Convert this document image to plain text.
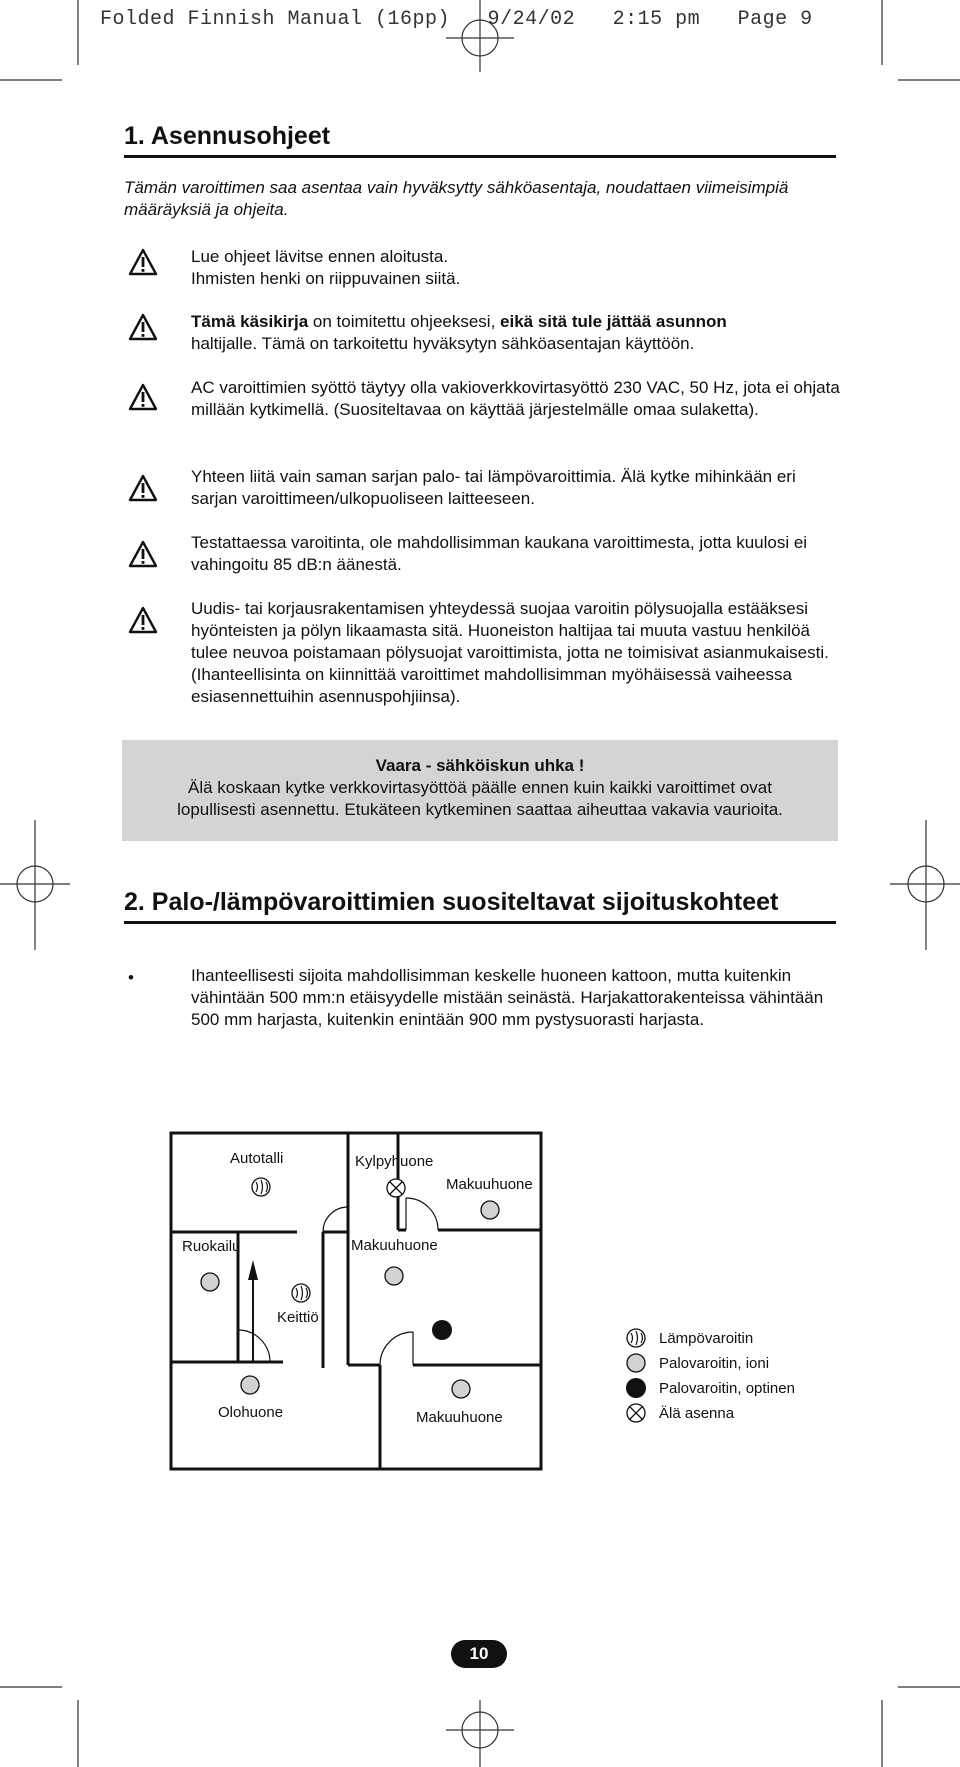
Folded Finnish Manual (16pp)   9/24/02   2:15 pm   Page 9
1. Asennusohjeet
Tämän varoittimen saa asentaa vain hyväksytty sähköasentaja, noudattaen viimeisimpiä määräyksiä ja ohjeita.
Lue ohjeet lävitse ennen aloitusta.
Ihmisten henki on riippuvainen siitä.
Tämä käsikirja on toimitettu ohjeeksesi, eikä sitä tule jättää asunnon
haltijalle. Tämä on tarkoitettu hyväksytyn sähköasentajan käyttöön.
AC varoittimien syöttö täytyy olla vakioverkkovirtasyöttö 230 VAC, 50 Hz, jota ei ohjata millään kytkimellä. (Suositeltavaa on käyttää järjestelmälle omaa sulaketta).
Yhteen liitä vain saman sarjan palo- tai lämpövaroittimia. Älä kytke mihinkään eri sarjan varoittimeen/ulkopuoliseen laitteeseen.
Testattaessa varoitinta, ole mahdollisimman kaukana varoittimesta, jotta kuulosi ei vahingoitu 85 dB:n äänestä.
Uudis- tai korjausrakentamisen yhteydessä suojaa varoitin pölysuojalla estääksesi hyönteisten ja pölyn likaamasta sitä. Huoneiston haltijaa tai muuta vastuu henkilöä tulee neuvoa poistamaan pölysuojat varoittimista, jotta ne toimisivat asianmukaisesti. (Ihanteellisinta on kiinnittää varoittimet mahdollisimman myöhäisessä vaiheessa esiasennettuihin asennuspohjiinsa).
Vaara - sähköiskun uhka !
Älä koskaan kytke verkkovirtasyöttöä päälle ennen kuin kaikki varoittimet ovat
lopullisesti asennettu. Etukäteen kytkeminen saattaa aiheuttaa vakavia vaurioita.
2. Palo-/lämpövaroittimien suositeltavat sijoituskohteet
•	Ihanteellisesti sijoita mahdollisimman keskelle huoneen kattoon, mutta kuitenkin vähintään 500 mm:n etäisyydelle mistään seinästä. Harjakattorakenteissa vähintään 500 mm harjasta, kuitenkin enintään 900 mm pystysuorasti harjasta.
Autotalli	Kylpyhuone
Makuuhuone
Ruokailu	Makuuhuone
Keittiö
Olohuone	Makuuhuone
Lämpövaroitin
Palovaroitin, ioni
Palovaroitin, optinen
Älä asenna
10
